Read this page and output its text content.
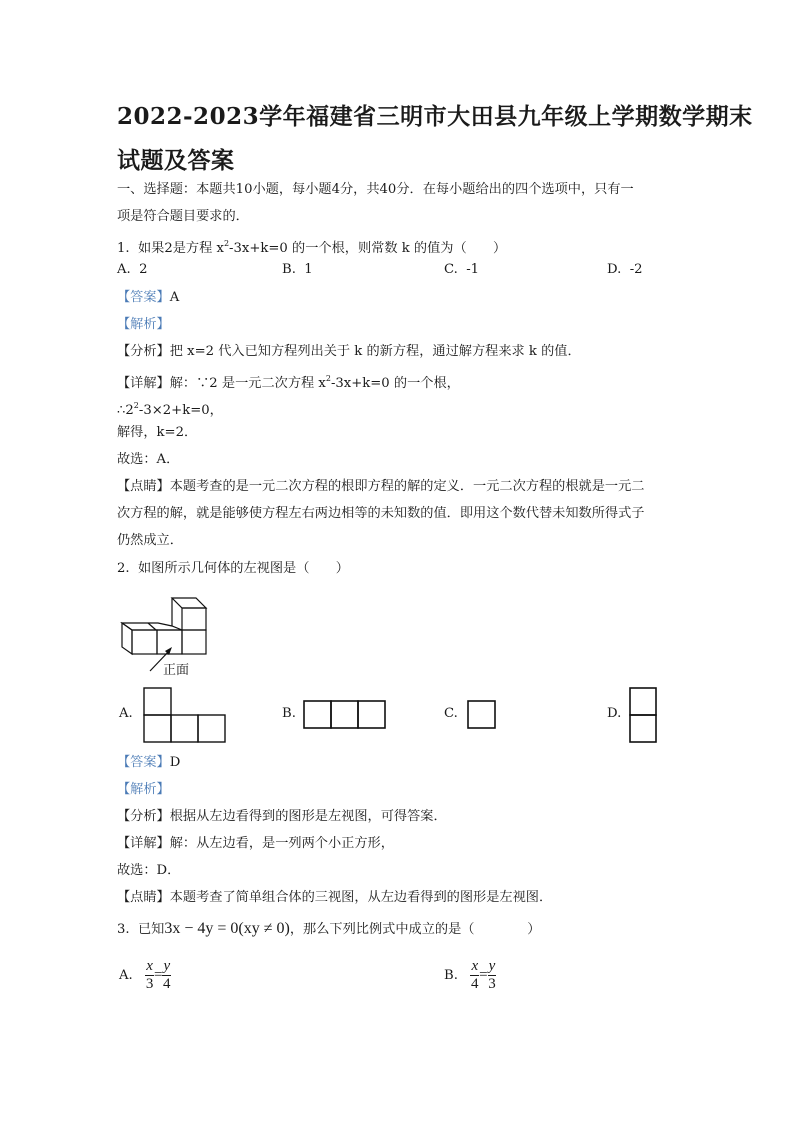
2022-2023学年福建省三明市大田县九年级上学期数学期末
试题及答案
一、选择题：本题共10小题，每小题4分，共40分．在每小题给出的四个选项中，只有一
项是符合题目要求的．
1. 如果2是方程 $x^2-3x+k=0$ 的一个根，则常数 k 的值为（　　）
A. 2	B. 1	C. -1	D. -2
【答案】A
【解析】
【分析】把 x=2 代入已知方程列出关于 k 的新方程，通过解方程来求 k 的值．
【详解】解：∵2 是一元二次方程 $x^2-3x+k=0$ 的一个根，
$\therefore 2^2-3\times 2+k=0$，
解得，k=2．
故选：A．
【点睛】本题考查的是一元二次方程的根即方程的解的定义．一元二次方程的根就是一元二
次方程的解，就是能够使方程左右两边相等的未知数的值．即用这个数代替未知数所得式子
仍然成立．
2. 如图所示几何体的左视图是（　　）
正面
A.	B.	C.	D.
【答案】D
【解析】
【分析】根据从左边看得到的图形是左视图，可得答案．
【详解】解：从左边看，是一列两个小正方形，
故选：D．
【点睛】本题考查了简单组合体的三视图，从左边看得到的图形是左视图．
3. 已知3x − 4y = 0(xy ≠ 0)，那么下列比例式中成立的是（　　　　）
A. $\frac{x}{3} = \frac{y}{4}$	B. $\frac{x}{4} = \frac{y}{3}$
